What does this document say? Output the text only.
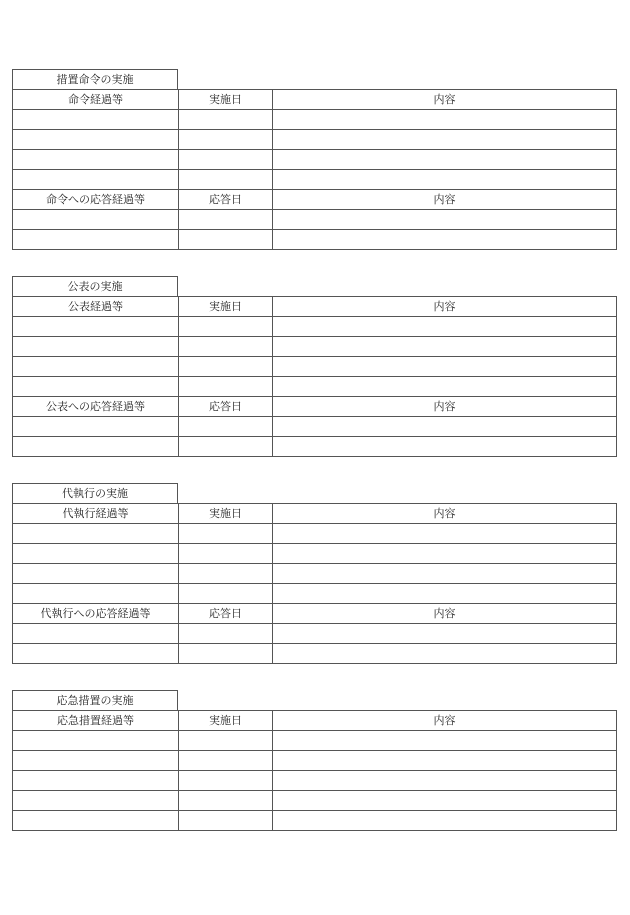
措置命令の実施
命令経過等	実施日	内容

命令への応答経過等	応答日	内容

公表の実施
公表経過等	実施日	内容

公表への応答経過等	応答日	内容

代執行の実施
代執行経過等	実施日	内容

代執行への応答経過等	応答日	内容

応急措置の実施
応急措置経過等	実施日	内容
